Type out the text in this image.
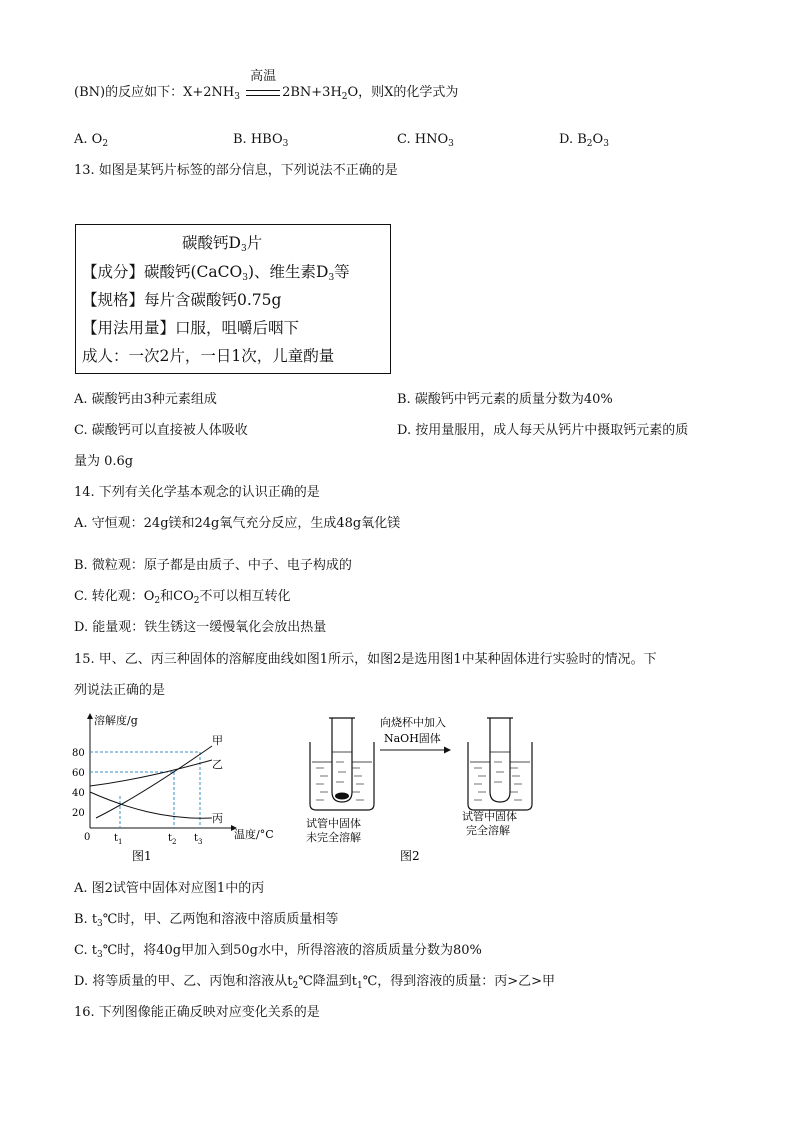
(BN)的反应如下：$X+2NH_3$
高温
$2BN+3H_2O$，则X的化学式为
A. $O_2$	B. $HBO_3$	C. $HNO_3$	D. $B_2O_3$
13. 如图是某钙片标签的部分信息，下列说法不正确的是
碳酸钙$D_3$片
【成分】碳酸钙(CaCO$_3$)、维生素$D_3$等
【规格】每片含碳酸钙0.75g
【用法用量】口服，咀嚼后咽下
成人：一次2片，一日1次，儿童酌量
A. 碳酸钙由3种元素组成	B. 碳酸钙中钙元素的质量分数为40%
C. 碳酸钙可以直接被人体吸收	D. 按用量服用，成人每天从钙片中摄取钙元素的质
量为 0.6g
14. 下列有关化学基本观念的认识正确的是
A. 守恒观：24g镁和24g氧气充分反应，生成48g氧化镁
B. 微粒观：原子都是由质子、中子、电子构成的
C. 转化观：$O_2$和$CO_2$不可以相互转化
D. 能量观：铁生锈这一缓慢氧化会放出热量
15. 甲、乙、丙三种固体的溶解度曲线如图1所示，如图2是选用图1中某种固体进行实验时的情况。下
列说法正确的是
溶解度/g
温度/°C
0
80
60
40
20
甲
乙
丙
$t_1$	$t_2$ $t_3$
图1
试管中固体
未完全溶解
向烧杯中加入
NaOH固体
试管中固体
完全溶解
图2
A. 图2试管中固体对应图1中的丙
B. $t_3℃$时，甲、乙两饱和溶液中溶质质量相等
C. $t_3℃$时，将40g甲加入到50g水中，所得溶液的溶质质量分数为80%
D. 将等质量的甲、乙、丙饱和溶液从$t_2℃$降温到$t_1℃$，得到溶液的质量：丙>乙>甲
16. 下列图像能正确反映对应变化关系的是
